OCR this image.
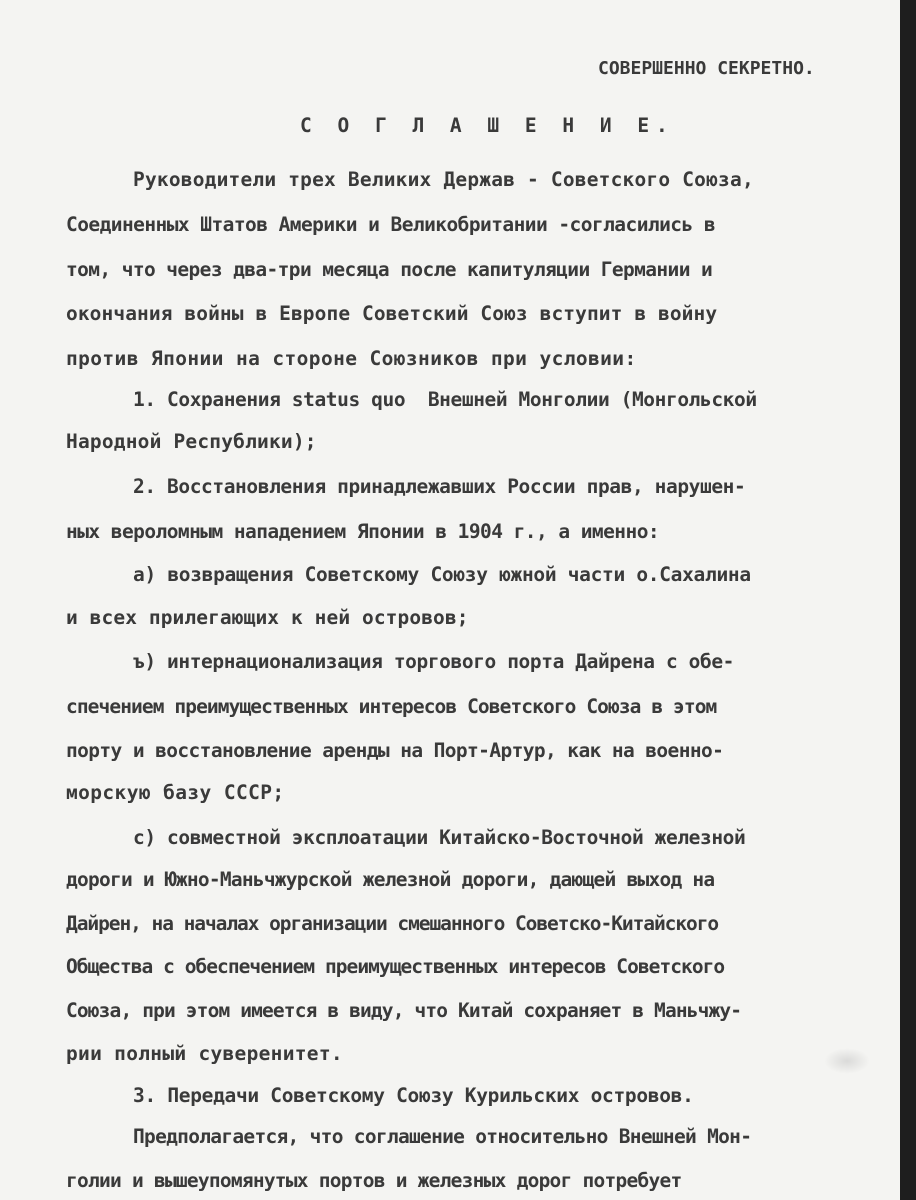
СОВЕРШЕННО СЕКРЕТНО.
С О Г Л А Ш Е Н И Е.
Руководители трех Великих Держав - Советского Союза,
Соединенных Штатов Америки и Великобритании -согласились в
том, что через два-три месяца после капитуляции Германии и
окончания войны в Европе Советский Союз вступит в войну
против Японии на стороне Союзников при условии:
1. Сохранения status quo  Внешней Монголии (Монгольской
Народной Республики);
2. Восстановления принадлежавших России прав, нарушен-
ных вероломным нападением Японии в 1904 г., а именно:
а) возвращения Советскому Союзу южной части о.Сахалина
и всех прилегающих к ней островов;
ъ) интернационализация торгового порта Дайрена с обе-
спечением преимущественных интересов Советского Союза в этом
порту и восстановление аренды на Порт-Артур, как на военно-
морскую базу СССР;
с) совместной эксплоатации Китайско-Восточной железной
дороги и Южно-Маньчжурской железной дороги, дающей выход на
Дайрен, на началах организации смешанного Советско-Китайского
Общества с обеспечением преимущественных интересов Советского
Союза, при этом имеется в виду, что Китай сохраняет в Маньчжу-
рии полный суверенитет.
3. Передачи Советскому Союзу Курильских островов.
Предполагается, что соглашение относительно Внешней Мон-
голии и вышеупомянутых портов и железных дорог потребует
